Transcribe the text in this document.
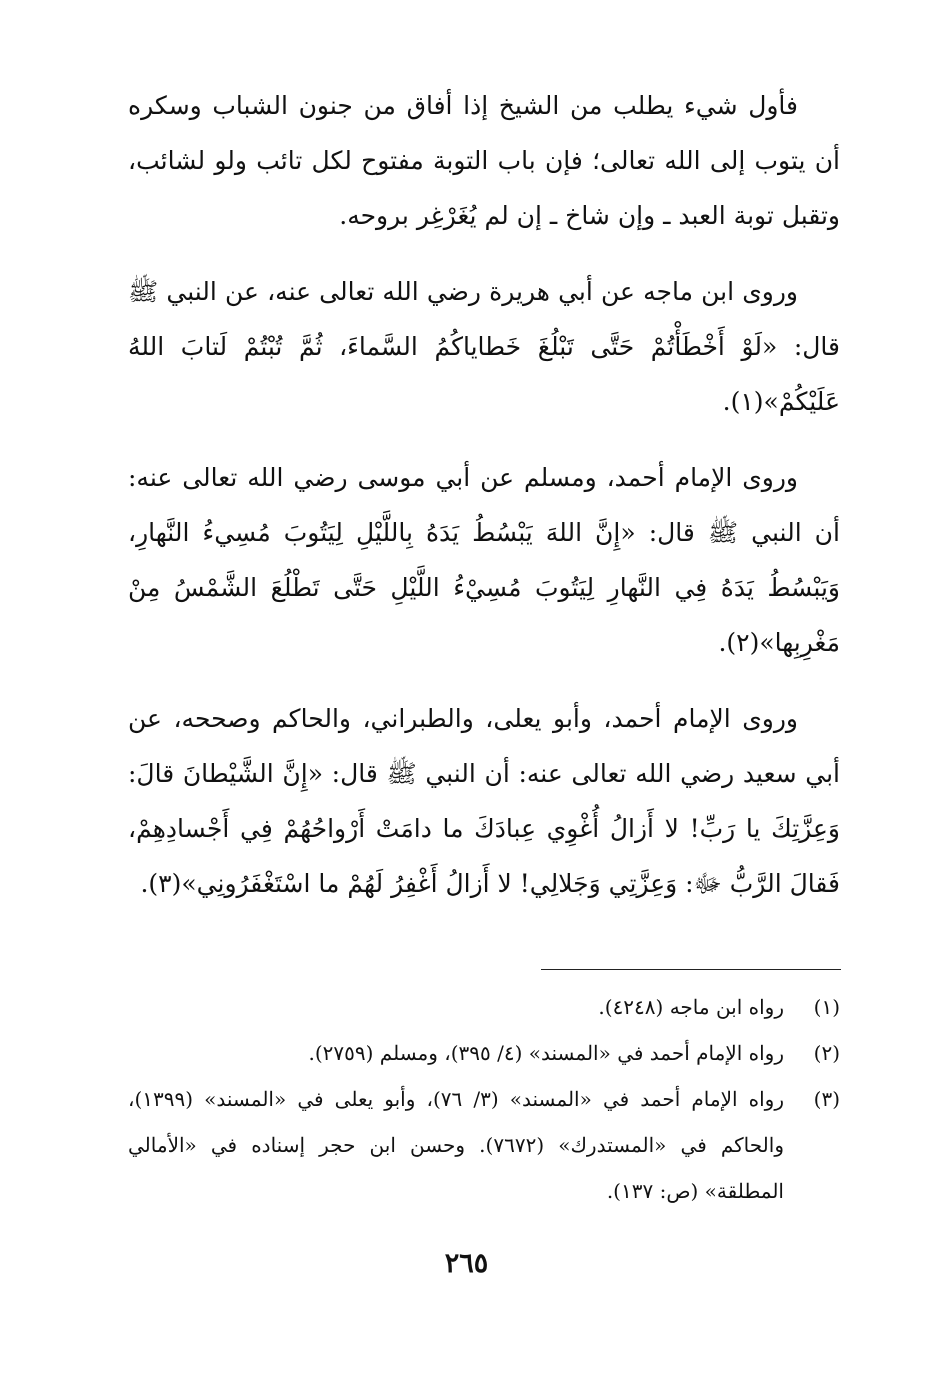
فأول شيء يطلب من الشيخ إذا أفاق من جنون الشباب وسكره أن يتوب إلى الله تعالى؛ فإن باب التوبة مفتوح لكل تائب ولو لشائب، وتقبل توبة العبد ـ وإن شاخ ـ إن لم يُغَرْغِر بروحه.

وروى ابن ماجه عن أبي هريرة رضي الله تعالى عنه، عن النبي ﷺ قال: «لَوْ أَخْطَأْتُمْ حَتَّى تَبْلُغَ خَطاياكُمُ السَّماءَ، ثُمَّ تُبْتُمْ لَتابَ اللهُ عَلَيْكُمْ»(١).

وروى الإمام أحمد، ومسلم عن أبي موسى رضي الله تعالى عنه: أن النبي ﷺ قال: «إِنَّ اللهَ يَبْسُطُ يَدَهُ بِاللَّيْلِ لِيَتُوبَ مُسِيءُ النَّهارِ، وَيَبْسُطُ يَدَهُ فِي النَّهارِ لِيَتُوبَ مُسِيْءُ اللَّيْلِ حَتَّى تَطْلُعَ الشَّمْسُ مِنْ مَغْرِبِها»(٢).

وروى الإمام أحمد، وأبو يعلى، والطبراني، والحاكم وصححه، عن أبي سعيد رضي الله تعالى عنه: أن النبي ﷺ قال: «إِنَّ الشَّيْطانَ قالَ: وَعِزَّتِكَ يا رَبِّ! لا أَزالُ أُغْوِي عِبادَكَ ما دامَتْ أَرْواحُهُمْ فِي أَجْسادِهِمْ، فَقالَ الرَّبُّ ﷻ: وَعِزَّتِي وَجَلالِي! لا أَزالُ أَغْفِرُ لَهُمْ ما اسْتَغْفَرُونِي»(٣).

(١)
رواه ابن ماجه (٤٢٤٨).
(٢)
رواه الإمام أحمد في «المسند» (٤/ ٣٩٥)، ومسلم (٢٧٥٩).
(٣)
رواه الإمام أحمد في «المسند» (٣/ ٧٦)، وأبو يعلى في «المسند» (١٣٩٩)، والحاكم في «المستدرك» (٧٦٧٢). وحسن ابن حجر إسناده في «الأمالي المطلقة» (ص: ١٣٧).
٢٦٥
